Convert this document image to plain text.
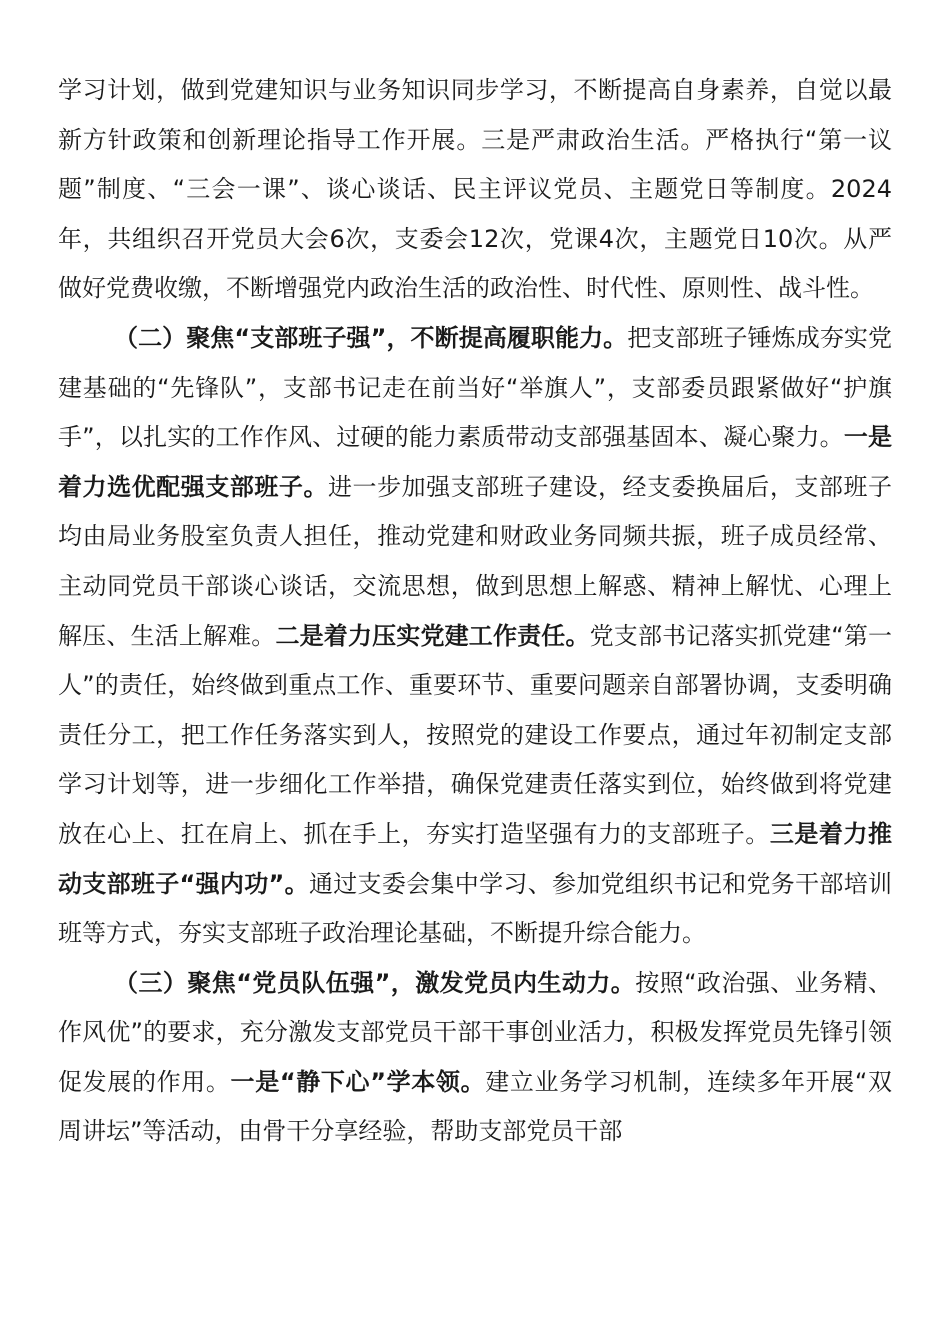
学习计划，做到党建知识与业务知识同步学习，不断提高自身素养，自觉以最新方针政策和创新理论指导工作开展。三是严肃政治生活。严格执行“第一议题”制度、“三会一课”、谈心谈话、民主评议党员、主题党日等制度。2024年，共组织召开党员大会6次，支委会12次，党课4次，主题党日10次。从严做好党费收缴，不断增强党内政治生活的政治性、时代性、原则性、战斗性。

（二）聚焦“支部班子强”，不断提高履职能力。把支部班子锤炼成夯实党建基础的“先锋队”，支部书记走在前当好“举旗人”，支部委员跟紧做好“护旗手”，以扎实的工作作风、过硬的能力素质带动支部强基固本、凝心聚力。一是着力选优配强支部班子。进一步加强支部班子建设，经支委换届后，支部班子均由局业务股室负责人担任，推动党建和财政业务同频共振，班子成员经常、主动同党员干部谈心谈话，交流思想，做到思想上解惑、精神上解忧、心理上解压、生活上解难。二是着力压实党建工作责任。党支部书记落实抓党建“第一人”的责任，始终做到重点工作、重要环节、重要问题亲自部署协调，支委明确责任分工，把工作任务落实到人，按照党的建设工作要点，通过年初制定支部学习计划等，进一步细化工作举措，确保党建责任落实到位，始终做到将党建放在心上、扛在肩上、抓在手上，夯实打造坚强有力的支部班子。三是着力推动支部班子“强内功”。通过支委会集中学习、参加党组织书记和党务干部培训班等方式，夯实支部班子政治理论基础，不断提升综合能力。

（三）聚焦“党员队伍强”，激发党员内生动力。按照“政治强、业务精、作风优”的要求，充分激发支部党员干部干事创业活力，积极发挥党员先锋引领促发展的作用。一是“静下心”学本领。建立业务学习机制，连续多年开展“双周讲坛”等活动，由骨干分享经验，帮助支部党员干部
